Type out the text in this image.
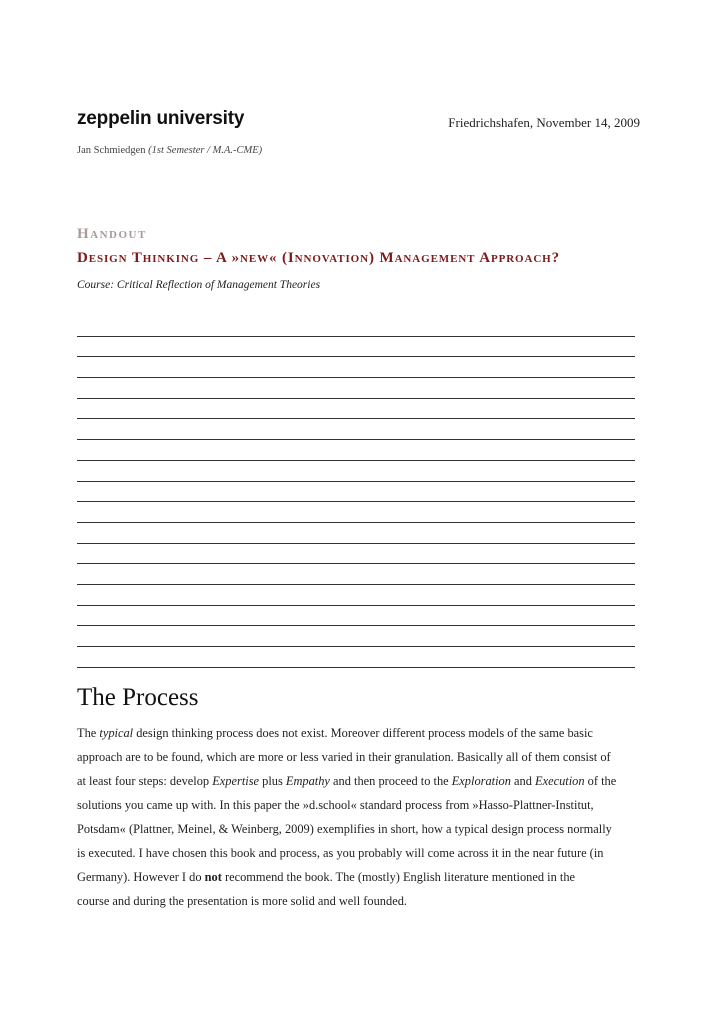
zeppelin university	Friedrichshafen, November 14, 2009
Jan Schmiedgen (1st Semester / M.A.-CME)
Handout
Design Thinking – A »new« (Innovation) Management Approach?
Course: Critical Reflection of Management Theories
The Process
The typical design thinking process does not exist. Moreover different process models of the same basic
approach are to be found, which are more or less varied in their granulation. Basically all of them consist of
at least four steps: develop Expertise plus Empathy and then proceed to the Exploration and Execution of the
solutions you came up with. In this paper the »d.school« standard process from »Hasso-Plattner-Institut,
Potsdam« (Plattner, Meinel, & Weinberg, 2009) exemplifies in short, how a typical design process normally
is executed. I have chosen this book and process, as you probably will come across it in the near future (in
Germany). However I do not recommend the book. The (mostly) English literature mentioned in the
course and during the presentation is more solid and well founded.
